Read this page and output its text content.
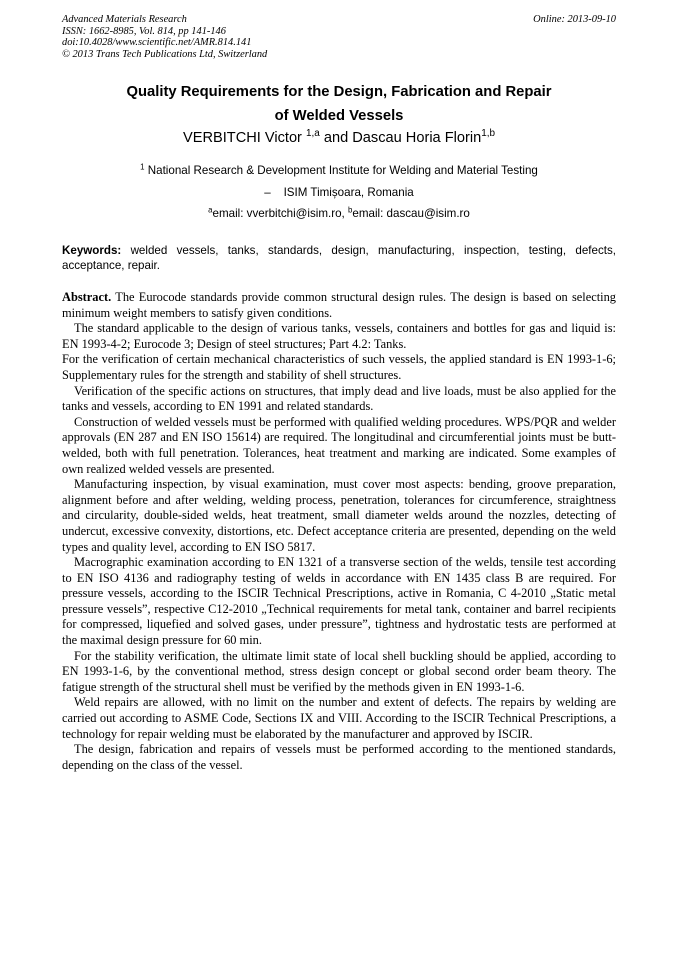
Advanced Materials Research
ISSN: 1662-8985, Vol. 814, pp 141-146
doi:10.4028/www.scientific.net/AMR.814.141
© 2013 Trans Tech Publications Ltd, Switzerland
Online: 2013-09-10
Quality Requirements for the Design, Fabrication and Repair
of Welded Vessels
VERBITCHI Victor $^{1,a}$ and Dascau Horia Florin$^{1,b}$
$^1$ National Research & Development Institute for Welding and Material Testing
–    ISIM Timișoara, Romania
$^a$email: vverbitchi@isim.ro, $^b$email: dascau@isim.ro
Keywords: welded vessels, tanks, standards, design, manufacturing, inspection, testing, defects, acceptance, repair.

Abstract. The Eurocode standards provide common structural design rules. The design is based on selecting minimum weight members to satisfy given conditions.

The standard applicable to the design of various tanks, vessels, containers and bottles for gas and liquid is: EN 1993-4-2; Eurocode 3; Design of steel structures; Part 4.2: Tanks.

For the verification of certain mechanical characteristics of such vessels, the applied standard is EN 1993-1-6; Supplementary rules for the strength and stability of shell structures.

Verification of the specific actions on structures, that imply dead and live loads, must be also applied for the tanks and vessels, according to EN 1991 and related standards.

Construction of welded vessels must be performed with qualified welding procedures. WPS/PQR and welder approvals (EN 287 and EN ISO 15614) are required. The longitudinal and circumferential joints must be butt-welded, both with full penetration. Tolerances, heat treatment and marking are indicated. Some examples of own realized welded vessels are presented.

Manufacturing inspection, by visual examination, must cover most aspects: bending, groove preparation, alignment before and after welding, welding process, penetration, tolerances for circumference, straightness and circularity, double-sided welds, heat treatment, small diameter welds around the nozzles, detecting of undercut, excessive convexity, distortions, etc. Defect acceptance criteria are presented, depending on the weld types and quality level, according to EN ISO 5817.

Macrographic examination according to EN 1321 of a transverse section of the welds, tensile test according to EN ISO 4136 and radiography testing of welds in accordance with EN 1435 class B are required. For pressure vessels, according to the ISCIR Technical Prescriptions, active in Romania, C 4-2010 „Static metal pressure vessels”, respective C12-2010 „Technical requirements for metal tank, container and barrel recipients for compressed, liquefied and solved gases, under pressure”, tightness and hydrostatic tests are performed at the maximal design pressure for 60 min.

For the stability verification, the ultimate limit state of local shell buckling should be applied, according to EN 1993-1-6, by the conventional method, stress design concept or global second order beam theory. The fatigue strength of the structural shell must be verified by the methods given in EN 1993-1-6.

Weld repairs are allowed, with no limit on the number and extent of defects. The repairs by welding are carried out according to ASME Code, Sections IX and VIII. According to the ISCIR Technical Prescriptions, a technology for repair welding must be elaborated by the manufacturer and approved by ISCIR.

The design, fabrication and repairs of vessels must be performed according to the mentioned standards, depending on the class of the vessel.
